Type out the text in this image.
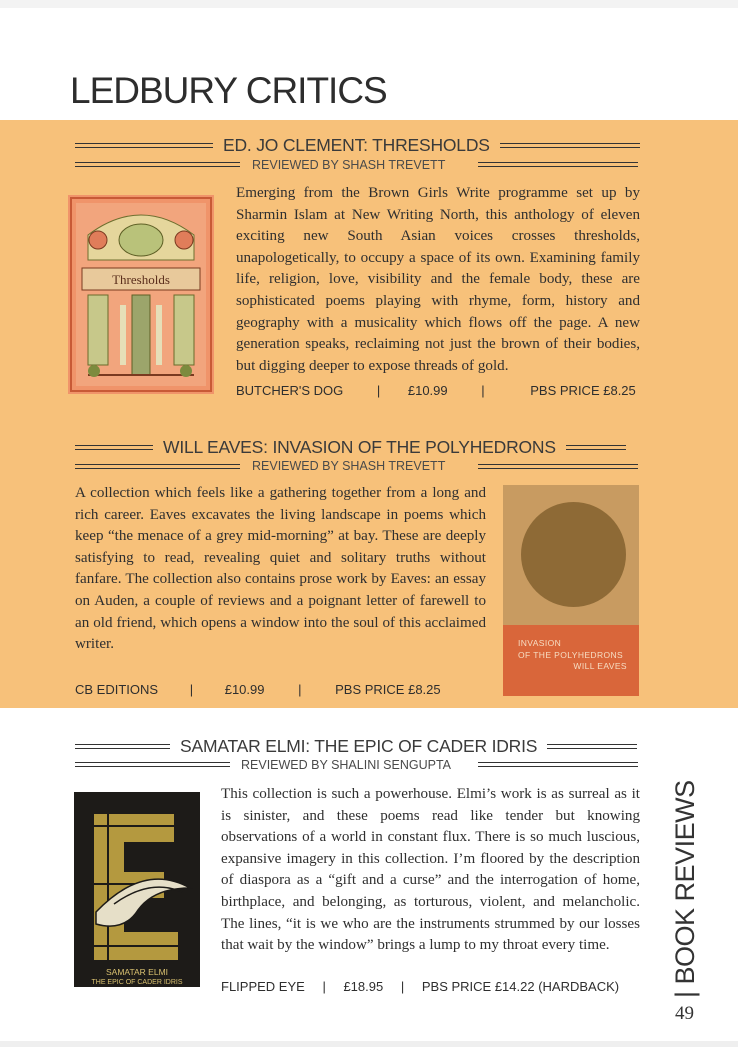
LEDBURY CRITICS
ED. JO CLEMENT: THRESHOLDS
REVIEWED BY SHASH TREVETT
Thresholds

Emerging from the Brown Girls Write programme set up by Sharmin Islam at New Writing North, this anthology of eleven exciting new South Asian voices crosses thresholds, unapologetically, to occupy a space of its own. Examining family life, religion, love, visibility and the female body, these are sophisticated poems playing with rhyme, form, history and geography with a musicality which flows off the page. A new generation speaks, reclaiming not just the brown of their bodies, but digging deeper to expose threads of gold.

BUTCHER'S DOG	| £10.99	|	PBS PRICE £8.25
WILL EAVES: INVASION OF THE POLYHEDRONS
REVIEWED BY SHASH TREVETT

A collection which feels like a gathering together from a long and rich career. Eaves excavates the living landscape in poems which keep “the menace of a grey mid-morning” at bay. These are deeply satisfying to read, revealing quiet and solitary truths without fanfare. The collection also contains prose work by Eaves: an essay on Auden, a couple of reviews and a poignant letter of farewell to an old friend, which opens a window into the soul of this acclaimed writer.	INVASION
OF THE POLYHEDRONS
WILL EAVES
CB EDITIONS | £10.99	|	PBS PRICE £8.25
SAMATAR ELMI: THE EPIC OF CADER IDRIS
REVIEWED BY SHALINI SENGUPTA
SAMATAR ELMI
THE EPIC OF CADER IDRIS

This collection is such a powerhouse. Elmi’s work is as surreal as it is sinister, and these poems read like tender but knowing observations of a world in constant flux. There is so much luscious, expansive imagery in this collection. I’m floored by the description of diaspora as a “gift and a curse” and the interrogation of home, birthplace, and belonging, as torturous, violent, and melancholic. The lines, “it is we who are the instruments strummed by our losses that wait by the window” brings a lump to my throat every time.

FLIPPED EYE | £18.95 | PBS PRICE £14.22 (HARDBACK)
| BOOK REVIEWS
49
